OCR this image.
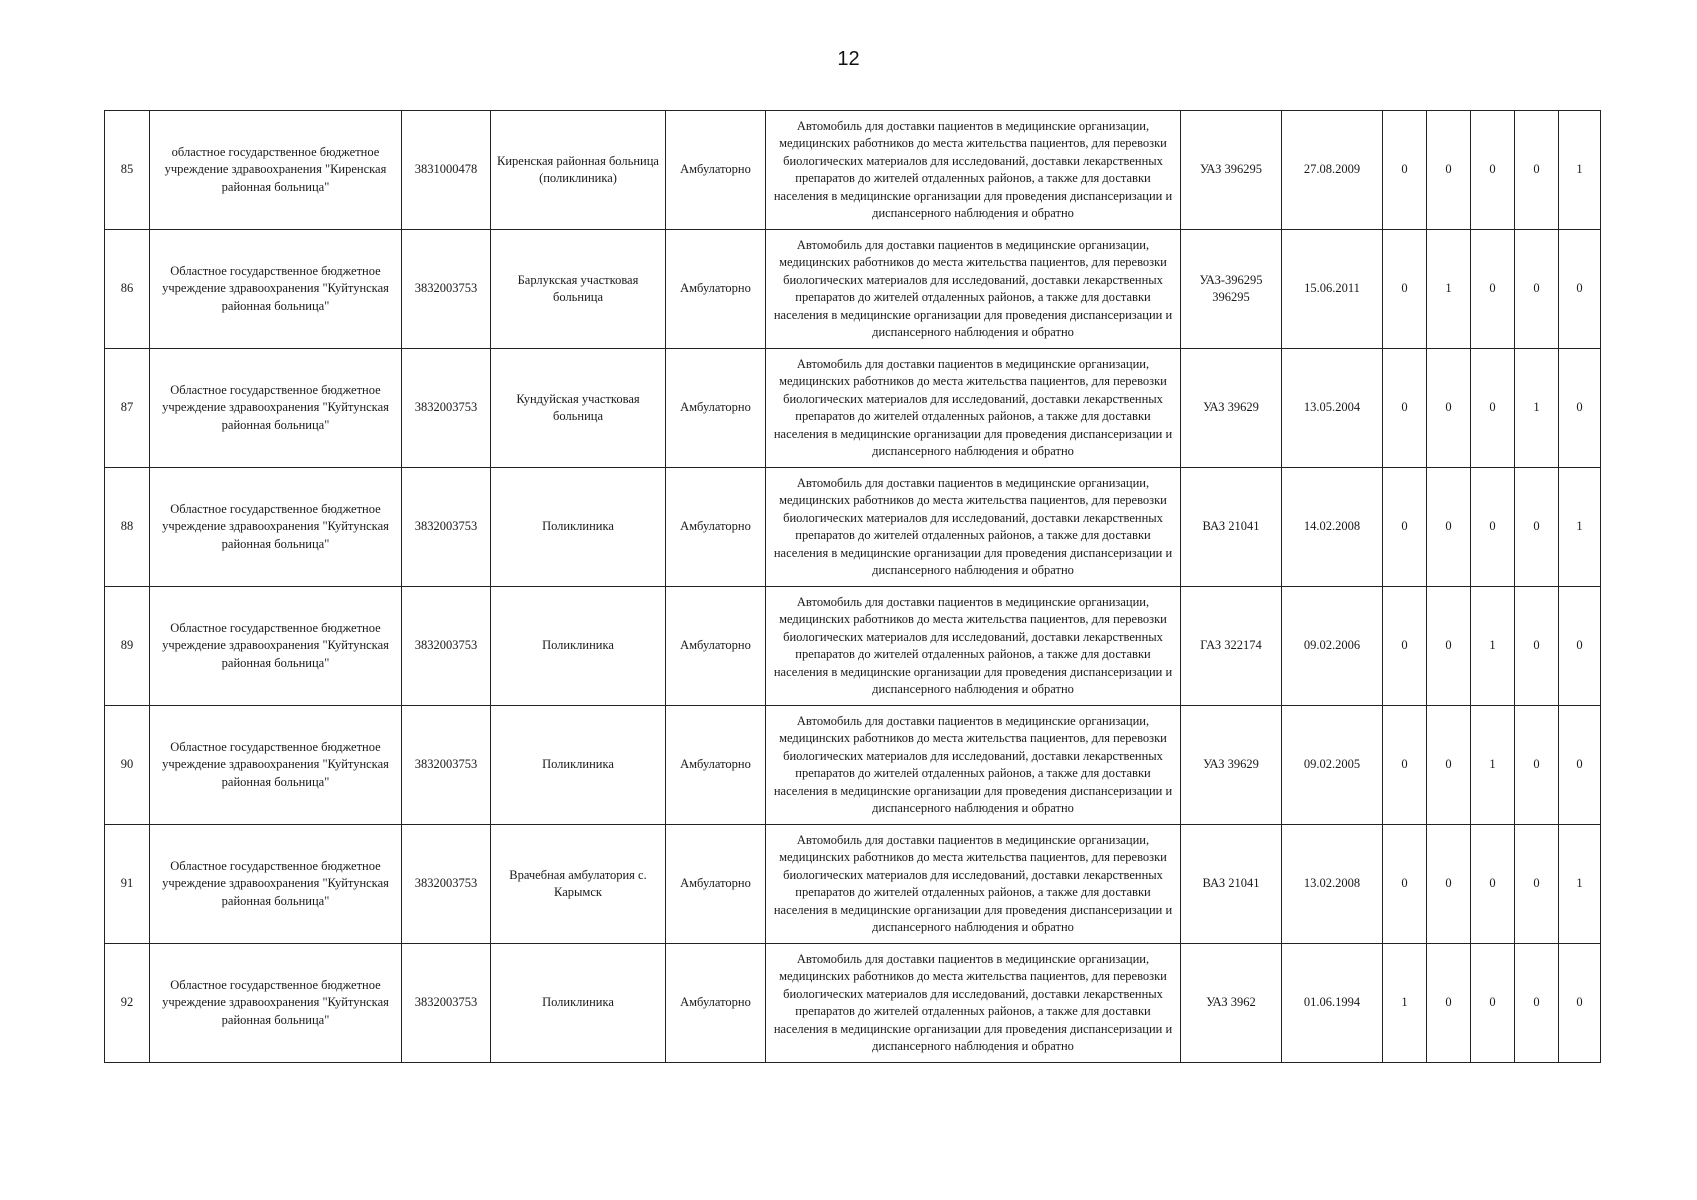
12
85	областное государственное бюджетное учреждение здравоохранения "Киренская районная больница"	3831000478	Киренская районная больница (поликлиника)	Амбулаторно	Автомобиль для доставки пациентов в медицинские организации, медицинских работников до места жительства пациентов, для перевозки биологических материалов для исследований, доставки лекарственных препаратов до жителей отдаленных районов, а также для доставки населения в медицинские организации для проведения диспансеризации и диспансерного наблюдения и обратно	УАЗ 396295	27.08.2009	0	0	0	0	1
86	Областное государственное бюджетное учреждение здравоохранения "Куйтунская районная больница"	3832003753	Барлукская участковая больница	Амбулаторно	Автомобиль для доставки пациентов в медицинские организации, медицинских работников до места жительства пациентов, для перевозки биологических материалов для исследований, доставки лекарственных препаратов до жителей отдаленных районов, а также для доставки населения в медицинские организации для проведения диспансеризации и диспансерного наблюдения и обратно	УАЗ-396295 396295	15.06.2011	0	1	0	0	0
87	Областное государственное бюджетное учреждение здравоохранения "Куйтунская районная больница"	3832003753	Кундуйская участковая больница	Амбулаторно	Автомобиль для доставки пациентов в медицинские организации, медицинских работников до места жительства пациентов, для перевозки биологических материалов для исследований, доставки лекарственных препаратов до жителей отдаленных районов, а также для доставки населения в медицинские организации для проведения диспансеризации и диспансерного наблюдения и обратно	УАЗ 39629	13.05.2004	0	0	0	1	0
88	Областное государственное бюджетное учреждение здравоохранения "Куйтунская районная больница"	3832003753	Поликлиника	Амбулаторно	Автомобиль для доставки пациентов в медицинские организации, медицинских работников до места жительства пациентов, для перевозки биологических материалов для исследований, доставки лекарственных препаратов до жителей отдаленных районов, а также для доставки населения в медицинские организации для проведения диспансеризации и диспансерного наблюдения и обратно	ВАЗ 21041	14.02.2008	0	0	0	0	1
89	Областное государственное бюджетное учреждение здравоохранения "Куйтунская районная больница"	3832003753	Поликлиника	Амбулаторно	Автомобиль для доставки пациентов в медицинские организации, медицинских работников до места жительства пациентов, для перевозки биологических материалов для исследований, доставки лекарственных препаратов до жителей отдаленных районов, а также для доставки населения в медицинские организации для проведения диспансеризации и диспансерного наблюдения и обратно	ГАЗ 322174	09.02.2006	0	0	1	0	0
90	Областное государственное бюджетное учреждение здравоохранения "Куйтунская районная больница"	3832003753	Поликлиника	Амбулаторно	Автомобиль для доставки пациентов в медицинские организации, медицинских работников до места жительства пациентов, для перевозки биологических материалов для исследований, доставки лекарственных препаратов до жителей отдаленных районов, а также для доставки населения в медицинские организации для проведения диспансеризации и диспансерного наблюдения и обратно	УАЗ 39629	09.02.2005	0	0	1	0	0
91	Областное государственное бюджетное учреждение здравоохранения "Куйтунская районная больница"	3832003753	Врачебная амбулатория с. Карымск	Амбулаторно	Автомобиль для доставки пациентов в медицинские организации, медицинских работников до места жительства пациентов, для перевозки биологических материалов для исследований, доставки лекарственных препаратов до жителей отдаленных районов, а также для доставки населения в медицинские организации для проведения диспансеризации и диспансерного наблюдения и обратно	ВАЗ 21041	13.02.2008	0	0	0	0	1
92	Областное государственное бюджетное учреждение здравоохранения "Куйтунская районная больница"	3832003753	Поликлиника	Амбулаторно	Автомобиль для доставки пациентов в медицинские организации, медицинских работников до места жительства пациентов, для перевозки биологических материалов для исследований, доставки лекарственных препаратов до жителей отдаленных районов, а также для доставки населения в медицинские организации для проведения диспансеризации и диспансерного наблюдения и обратно	УАЗ 3962	01.06.1994	1	0	0	0	0
